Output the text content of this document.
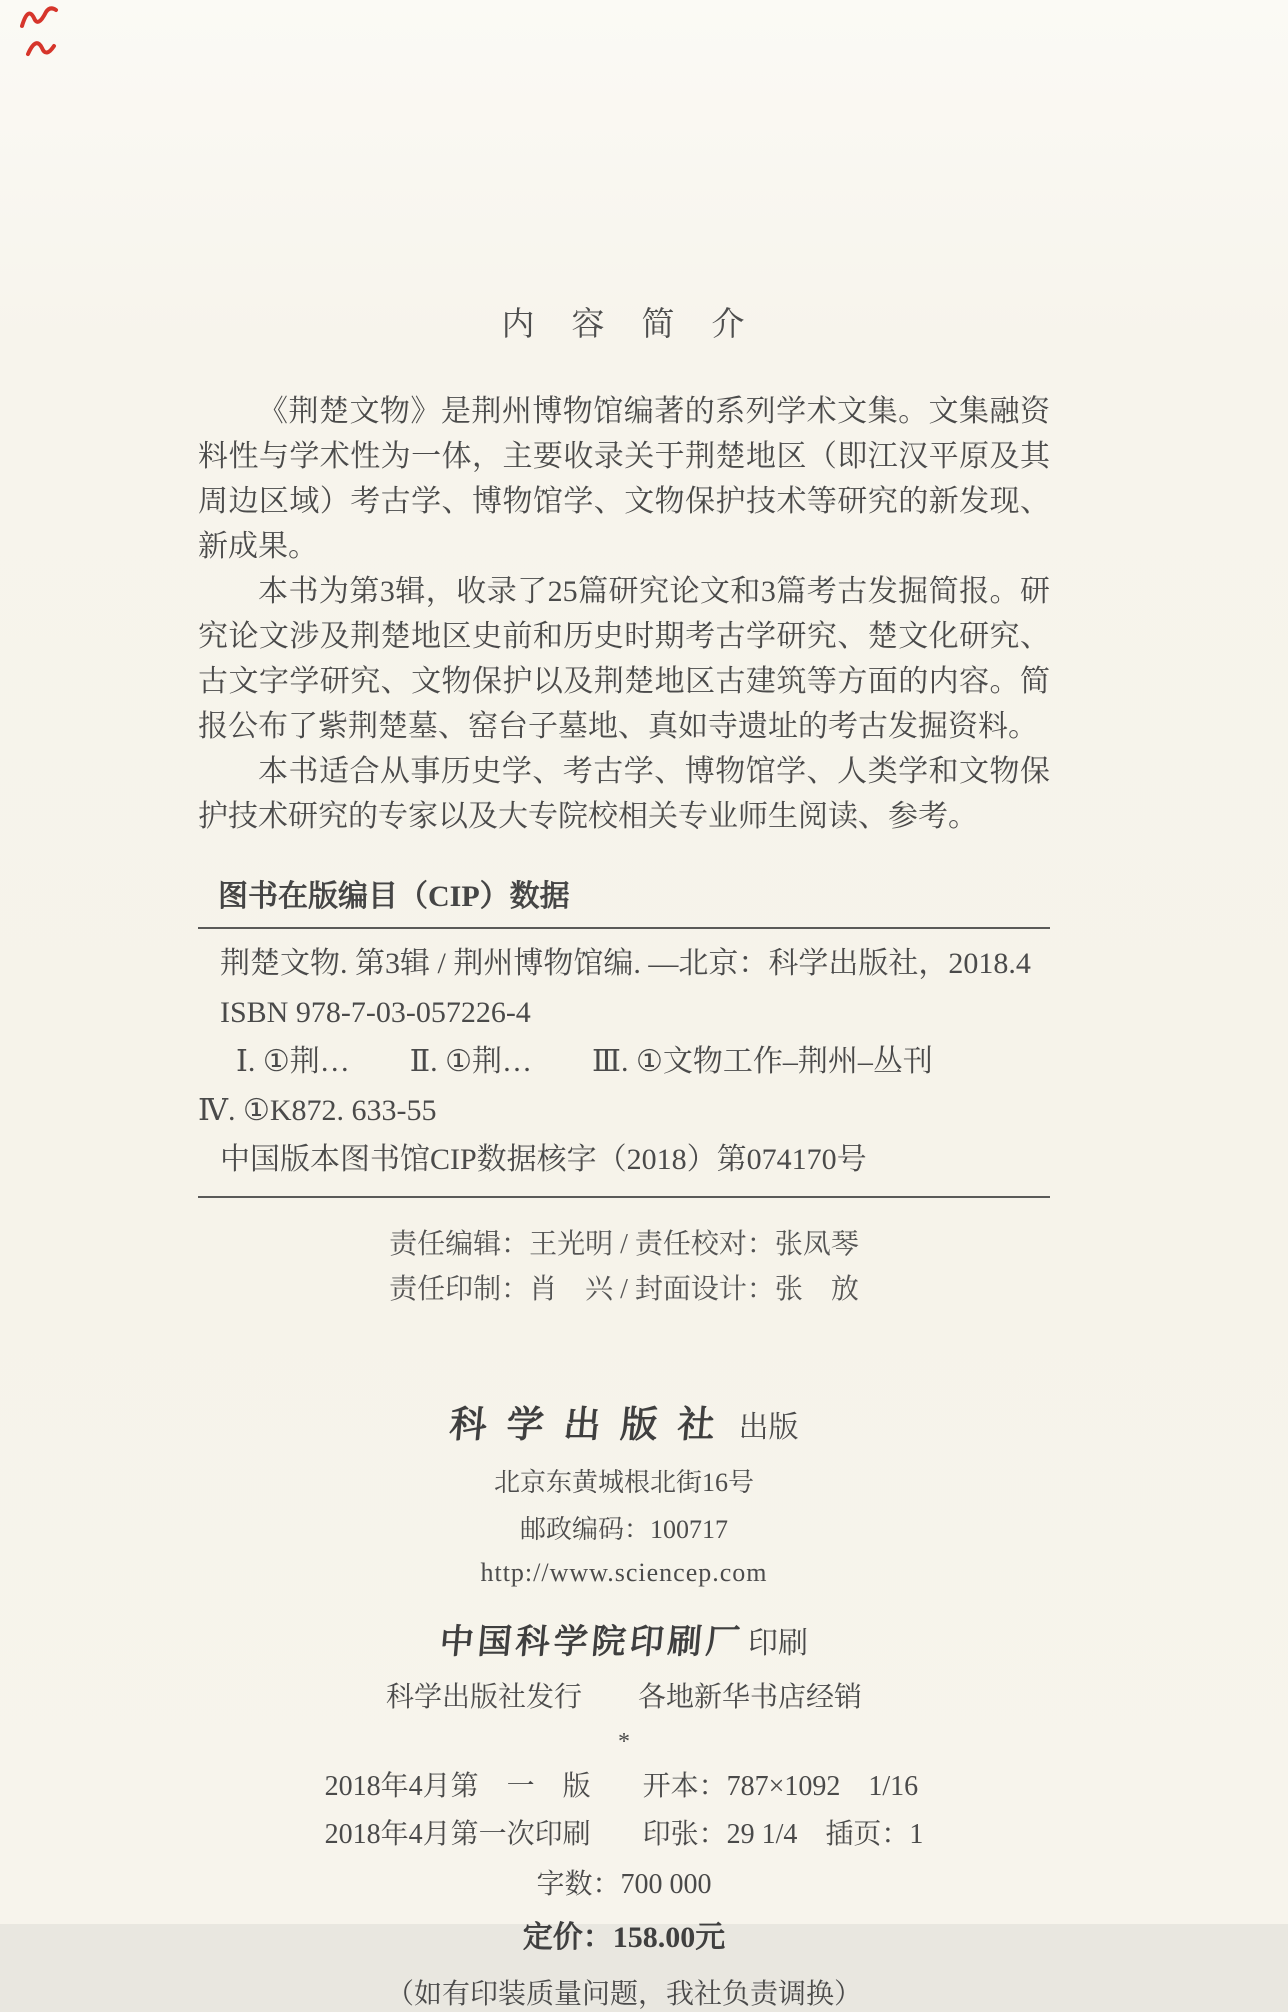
内　容　简　介

《荆楚文物》是荆州博物馆编著的系列学术文集。文集融资料性与学术性为一体，主要收录关于荆楚地区（即江汉平原及其周边区域）考古学、博物馆学、文物保护技术等研究的新发现、新成果。

本书为第3辑，收录了25篇研究论文和3篇考古发掘简报。研究论文涉及荆楚地区史前和历史时期考古学研究、楚文化研究、古文字学研究、文物保护以及荆楚地区古建筑等方面的内容。简报公布了紫荆楚墓、窑台子墓地、真如寺遗址的考古发掘资料。

本书适合从事历史学、考古学、博物馆学、人类学和文物保护技术研究的专家以及大专院校相关专业师生阅读、参考。

图书在版编目（CIP）数据

荆楚文物. 第3辑 / 荆州博物馆编. —北京：科学出版社，2018.4

ISBN 978-7-03-057226-4

Ⅰ. ①荆…　　Ⅱ. ①荆…　　Ⅲ. ①文物工作–荆州–丛刊

Ⅳ. ①K872. 633-55

中国版本图书馆CIP数据核字（2018）第074170号

责任编辑：王光明 / 责任校对：张凤琴

责任印制：肖　兴 / 封面设计：张　放

科学出版社 出版

北京东黄城根北街16号

邮政编码：100717

http://www.sciencep.com

中国科学院印刷厂 印刷

科学出版社发行　　各地新华书店经销

*

2018年4月第　一　版 开本：787×1092　1/16
2018年4月第一次印刷 印张：29 1/4　插页：1

字数：700 000

定价：158.00元

（如有印装质量问题，我社负责调换）
